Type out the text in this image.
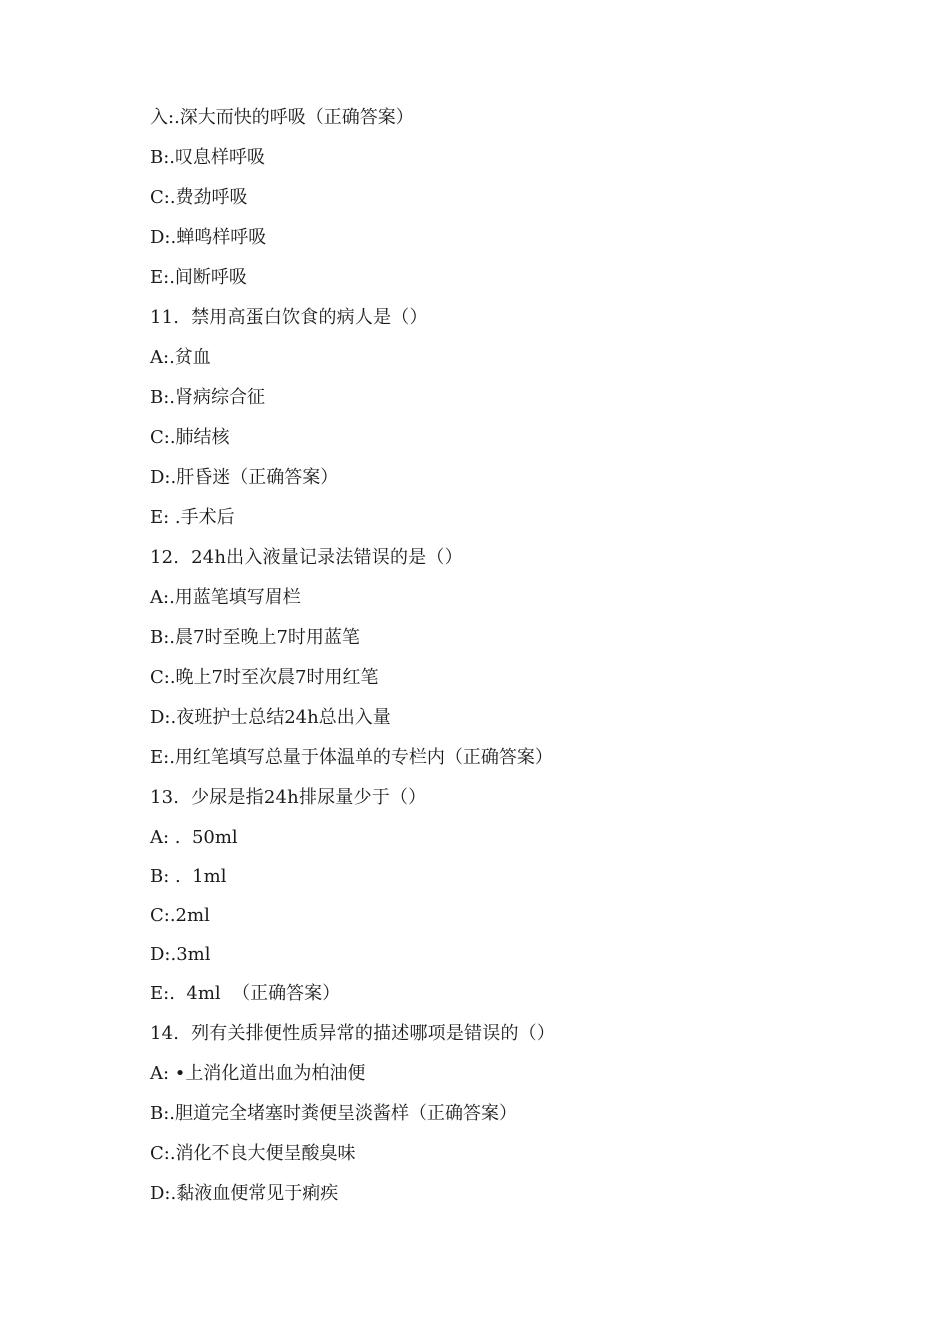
入:.深大而快的呼吸（正确答案）
B:.叹息样呼吸
C:.费劲呼吸
D:.蝉鸣样呼吸
E:.间断呼吸
11.  禁用高蛋白饮食的病人是（）
A:.贫血
B:.肾病综合征
C:.肺结核
D:.肝昏迷（正确答案）
E: .手术后
12.  24h出入液量记录法错误的是（）
A:.用蓝笔填写眉栏
B:.晨7时至晚上7时用蓝笔
C:.晚上7时至次晨7时用红笔
D:.夜班护士总结24h总出入量
E:.用红笔填写总量于体温单的专栏内（正确答案）
13.  少尿是指24h排尿量少于（）
A: .  50ml
B: .  1ml
C:.2ml
D:.3ml
E:.  4ml  （正确答案）
14.  列有关排便性质异常的描述哪项是错误的（）
A: •上消化道出血为柏油便
B:.胆道完全堵塞时粪便呈淡酱样（正确答案）
C:.消化不良大便呈酸臭味
D:.黏液血便常见于痢疾
